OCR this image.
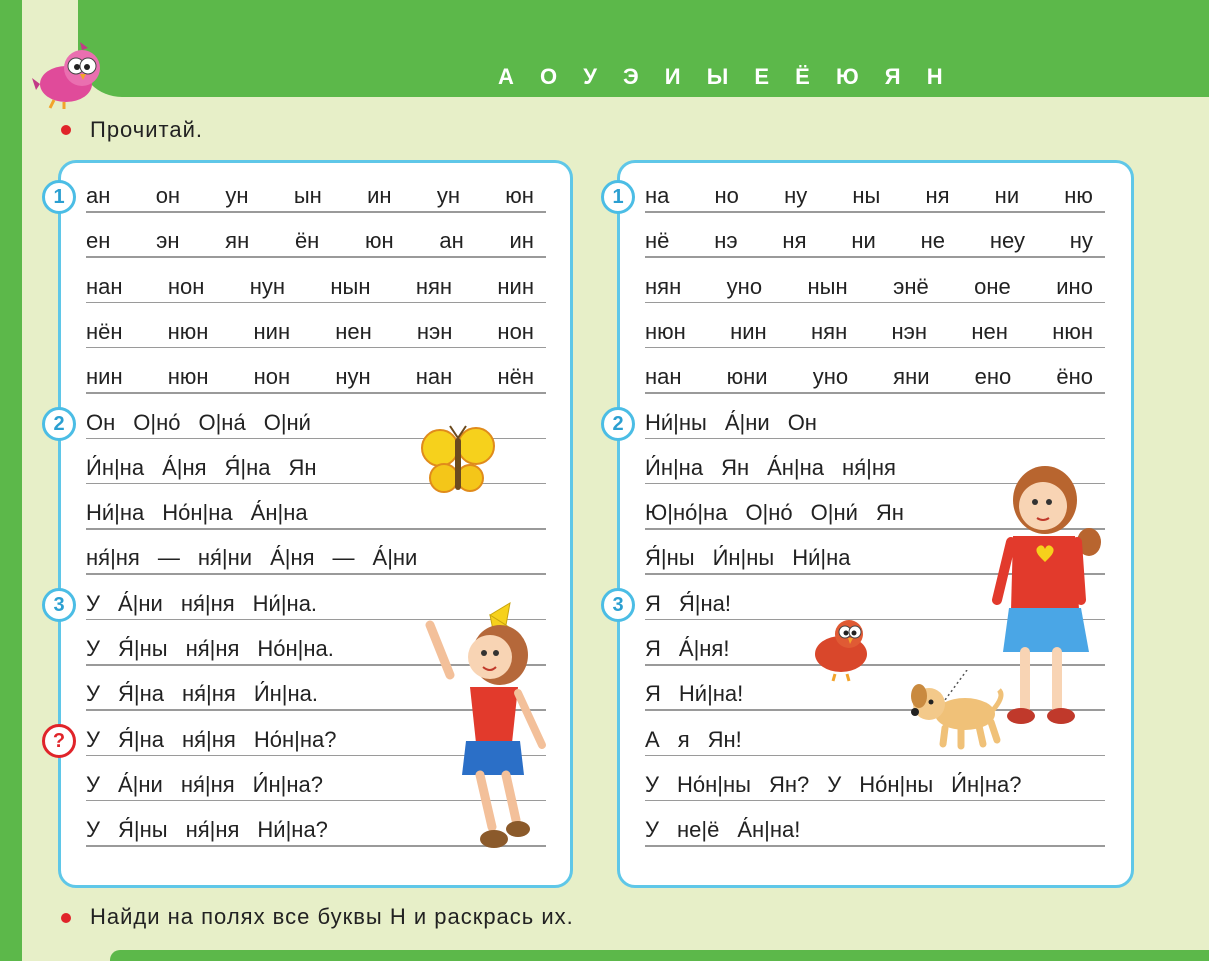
А О У Э И Ы Е Ё Ю Я Н
Прочитай.
1 ан он ун ын ин ун юн
ен эн ян ён юн ан ин
нан нон нун нын нян нин
нён нюн нин нен нэн нон
нин нюн нон нун нан нён
2 Он О|но́ О|на́ О|ни́
И́н|на А́|ня Я́|на Ян
Ни́|на Но́н|на А́н|на
ня́|ня — ня́|ни А́|ня — А́|ни
3 У А́|ни ня́|ня Ни́|на.
У Я́|ны ня́|ня Но́н|на.
У Я́|на ня́|ня И́н|на.
? У Я́|на ня́|ня Но́н|на?
У А́|ни ня́|ня И́н|на?
У Я́|ны ня́|ня Ни́|на?
1 на но ну ны ня ни ню
нё нэ ня ни не неу ну
нян уно нын энё оне ино
нюн нин нян нэн нен нюн
нан юни уно яни ено ёно
2 Ни́|ны А́|ни Он
И́н|на Ян А́н|на ня́|ня
Ю|но́|на О|но́ О|ни́ Ян
Я́|ны И́н|ны Ни́|на
3 Я Я́|на!
Я А́|ня!
Я Ни́|на!
А я Ян!
У Но́н|ны Ян? У Но́н|ны И́н|на?
У не|ё А́н|на!
Найди на полях все буквы Н и раскрась их.
